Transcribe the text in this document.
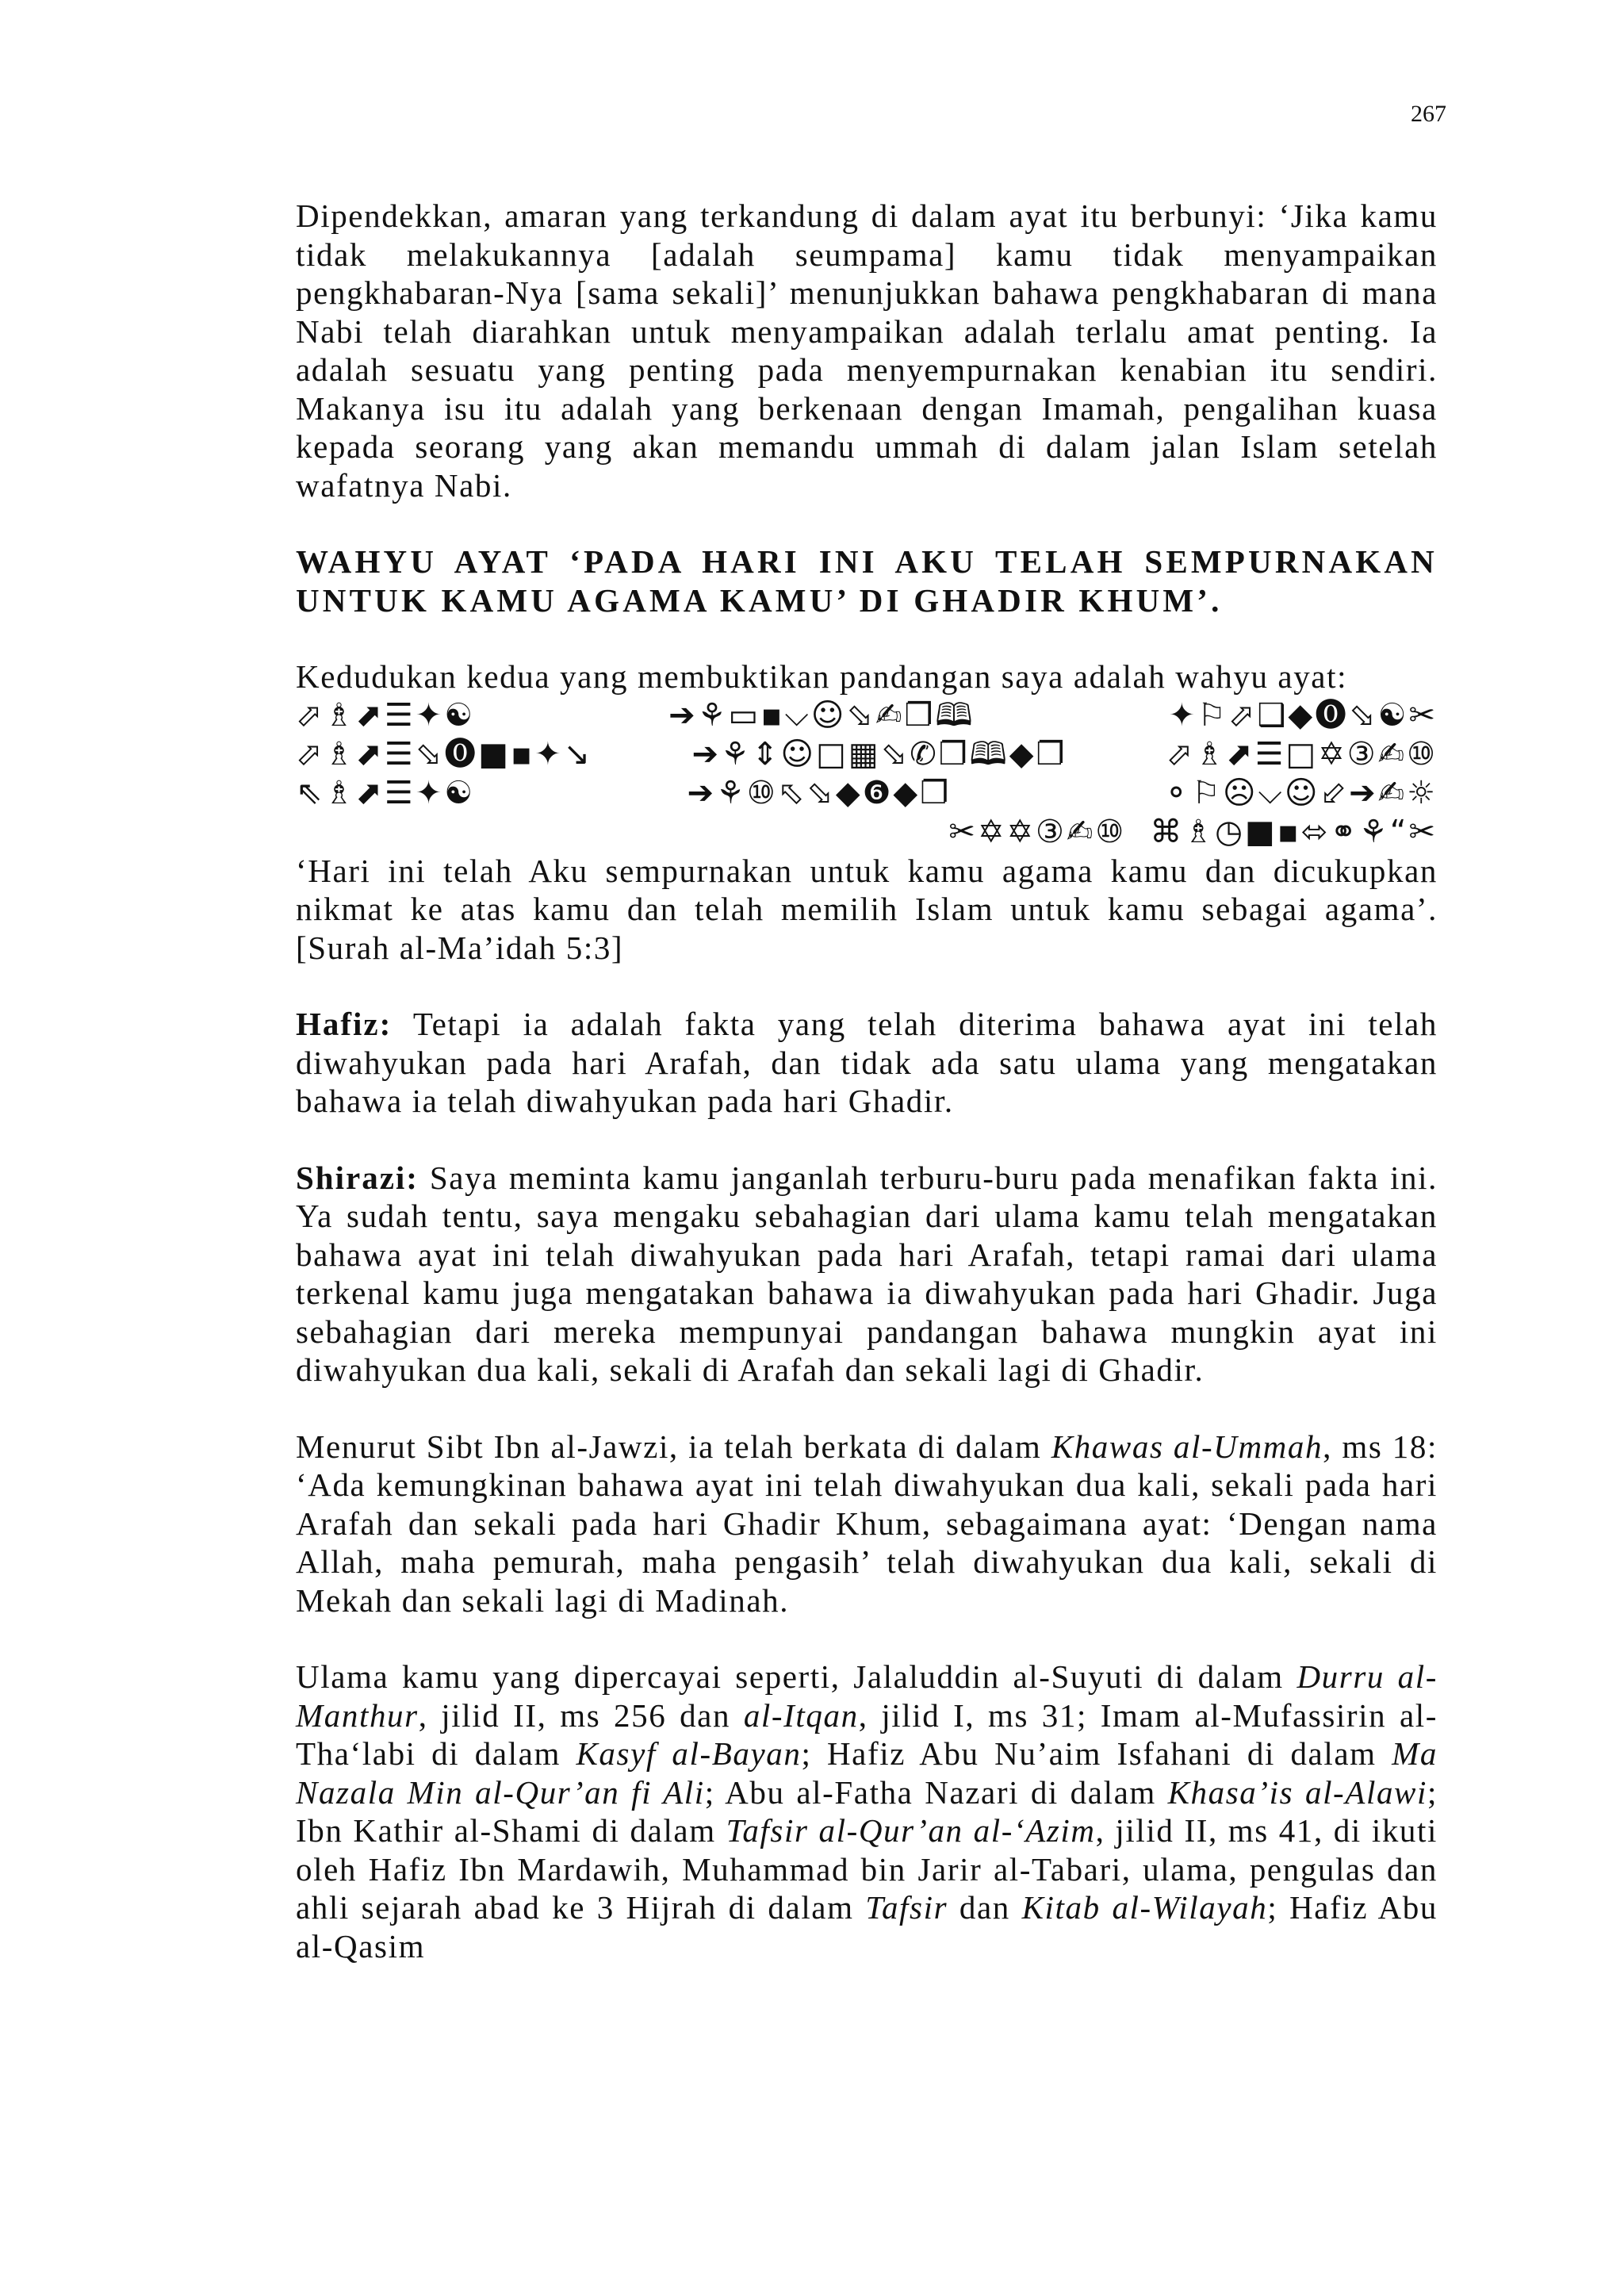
267

Dipendekkan, amaran yang terkandung di dalam ayat itu berbunyi: ‘Jika kamu tidak melakukannya [adalah seumpama] kamu tidak menyampaikan pengkhabaran-Nya [sama sekali]’ menunjukkan bahawa pengkhabaran di mana Nabi telah diarahkan untuk menyampaikan adalah terlalu amat penting. Ia adalah sesuatu yang penting pada menyempurnakan kenabian itu sendiri. Makanya isu itu adalah yang berkenaan dengan Imamah, pengalihan kuasa kepada seorang yang akan memandu ummah di dalam jalan Islam setelah wafatnya Nabi.

WAHYU AYAT ‘PADA HARI INI AKU TELAH SEMPURNAKAN UNTUK KAMU AGAMA KAMU’ DI GHADIR KHUM’.

Kedudukan kedua yang membuktikan pandangan saya adalah wahyu ayat:

⬀♗⬈☰✦☯	➔⚘▭▪⌵☺⬂✍❐🕮	✦⚐⬀❑◆⓿⬂☯✂
⬀♗⬈☰⬂⓿■▪✦↘	➔⚘⇕☺□▦⬂✆❐🕮◆❐	⬀♗⬈☰□✡③✍⑩
⇖♗⬈☰✦☯	➔⚘⑩⬁⬂◆❻◆❐	⚬⚐☹⌵☺⬃➔✍☼
✂✡✡③✍⑩ ⌘♗◷■▪⬄⚭⚘“✂

‘Hari ini telah Aku sempurnakan untuk kamu agama kamu dan dicukupkan nikmat ke atas kamu dan telah memilih Islam untuk kamu sebagai agama’. [Surah al-Ma’idah 5:3]

Hafiz: Tetapi ia adalah fakta yang telah diterima bahawa ayat ini telah diwahyukan pada hari Arafah, dan tidak ada satu ulama yang mengatakan bahawa ia telah diwahyukan pada hari Ghadir.

Shirazi: Saya meminta kamu janganlah terburu-buru pada menafikan fakta ini. Ya sudah tentu, saya mengaku sebahagian dari ulama kamu telah mengatakan bahawa ayat ini telah diwahyukan pada hari Arafah, tetapi ramai dari ulama terkenal kamu juga mengatakan bahawa ia diwahyukan pada hari Ghadir. Juga sebahagian dari mereka mempunyai pandangan bahawa mungkin ayat ini diwahyukan dua kali, sekali di Arafah dan sekali lagi di Ghadir.

Menurut Sibt Ibn al-Jawzi, ia telah berkata di dalam Khawas al-Ummah, ms 18: ‘Ada kemungkinan bahawa ayat ini telah diwahyukan dua kali, sekali pada hari Arafah dan sekali pada hari Ghadir Khum, sebagaimana ayat: ‘Dengan nama Allah, maha pemurah, maha pengasih’ telah diwahyukan dua kali, sekali di Mekah dan sekali lagi di Madinah.

Ulama kamu yang dipercayai seperti, Jalaluddin al-Suyuti di dalam Durru al-Manthur, jilid II, ms 256 dan al-Itqan, jilid I, ms 31; Imam al-Mufassirin al-Tha‘labi di dalam Kasyf al-Bayan; Hafiz Abu Nu’aim Isfahani di dalam Ma Nazala Min al-Qur’an fi Ali; Abu al-Fatha Nazari di dalam Khasa’is al-Alawi; Ibn Kathir al-Shami di dalam Tafsir al-Qur’an al-‘Azim, jilid II, ms 41, di ikuti oleh Hafiz Ibn Mardawih, Muhammad bin Jarir al-Tabari, ulama, pengulas dan ahli sejarah abad ke 3 Hijrah di dalam Tafsir dan Kitab al-Wilayah; Hafiz Abu al-Qasim
